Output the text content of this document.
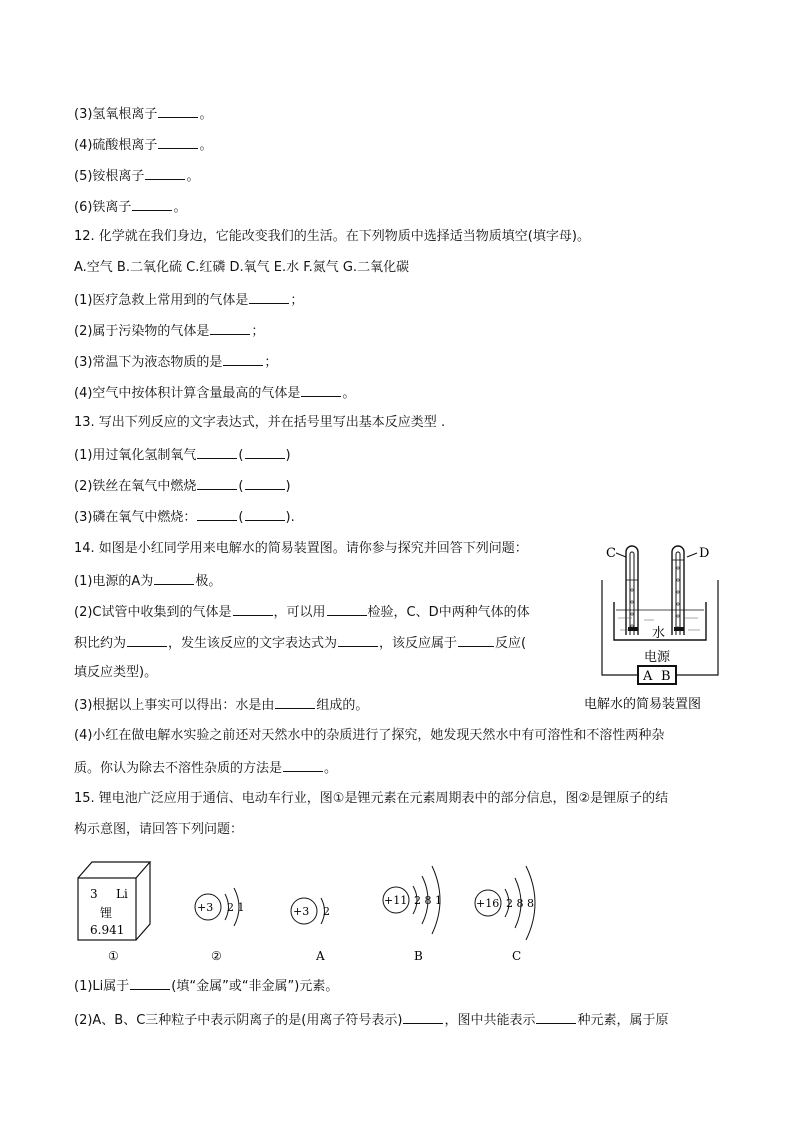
(3)氢氧根离子	。
(4)硫酸根离子	。
(5)铵根离子	。
(6)铁离子	。
12. 化学就在我们身边，它能改变我们的生活。在下列物质中选择适当物质填空(填字母)。
A.空气 B.二氧化硫 C.红磷 D.氧气 E.水 F.氮气 G.二氧化碳
(1)医疗急救上常用到的气体是	；
(2)属于污染物的气体是	；
(3)常温下为液态物质的是	；
(4)空气中按体积计算含量最高的气体是	。
13. 写出下列反应的文字表达式，并在括号里写出基本反应类型 .
(1)用过氧化氢制氧气	(	)
(2)铁丝在氧气中燃烧	(	)
(3)磷在氧气中燃烧：	(	).
14. 如图是小红同学用来电解水的简易装置图。请你参与探究并回答下列问题：
(1)电源的A为	极。
(2)C试管中收集到的气体是	，可以用	检验，C、D中两种气体的体
积比约为	，发生该反应的文字表达式为	，该反应属于	反应(
填反应类型)。
(3)根据以上事实可以得出：水是由	组成的。
(4)小红在做电解水实验之前还对天然水中的杂质进行了探究，她发现天然水中有可溶性和不溶性两种杂
质。你认为除去不溶性杂质的方法是	。
C	D
水
电源
A B
电解水的简易装置图
15. 锂电池广泛应用于通信、电动车行业，图①是锂元素在元素周期表中的部分信息，图②是锂原子的结
构示意图，请回答下列问题：
3 Li
锂
6.941
+3 2 1	+3 2
+11 2 8 1	+16 2 8 8
①	②	A	B	C
(1)Li属于	(填“金属”或“非金属”)元素。
(2)A、B、C三种粒子中表示阴离子的是(用离子符号表示)	，图中共能表示	种元素，属于原
